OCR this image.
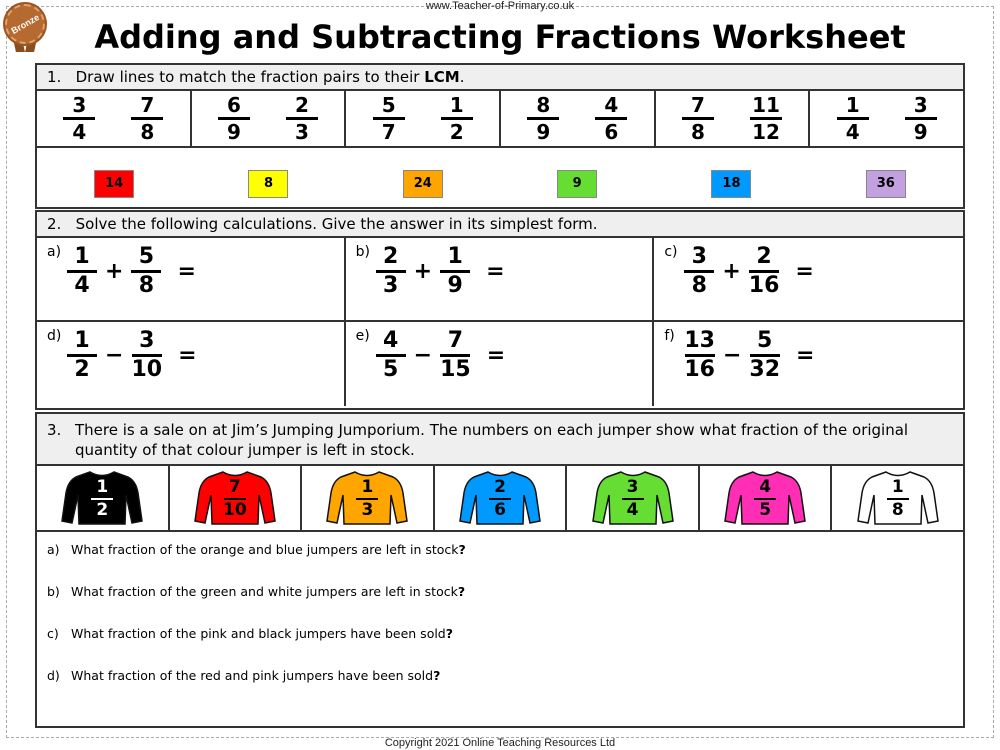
www.Teacher-of-Primary.co.uk
Bronze	Adding and Subtracting Fractions Worksheet
1. Draw lines to match the fraction pairs to their LCM.
$\frac{3}{4} \frac{7}{8}$	$\frac{6}{9} \frac{2}{3}$	$\frac{5}{7} \frac{1}{2}$	$\frac{8}{9} \frac{4}{6}$	$\frac{7}{8} \frac{11}{12}$	$\frac{1}{4} \frac{3}{9}$
14	8	24	9	18	36
2. Solve the following calculations. Give the answer in its simplest form.
$a) \frac{1}{4} + \frac{5}{8}$ =
$b) \frac{2}{3} + \frac{1}{9}$ =
$c) \frac{3}{8} + \frac{2}{16}$ =
$d) \frac{1}{2} - \frac{3}{10}$ =
$e) \frac{4}{5} - \frac{7}{15}$ =
$f) \frac{13}{16} - \frac{5}{32}$ =
3. There is a sale on at Jim’s Jumping Jumporium. The numbers on each jumper show what fraction of the original quantity of that colour jumper is left in stock.
$\frac{1}{2}$	$\frac{7}{10}$	$\frac{1}{3}$	$\frac{2}{6}$	$\frac{3}{4}$	$\frac{4}{5}$	$\frac{1}{8}$
a) What fraction of the orange and blue jumpers are left in stock?
b) What fraction of the green and white jumpers are left in stock?
c) What fraction of the pink and black jumpers have been sold?
d) What fraction of the red and pink jumpers have been sold?
Copyright 2021 Online Teaching Resources Ltd
